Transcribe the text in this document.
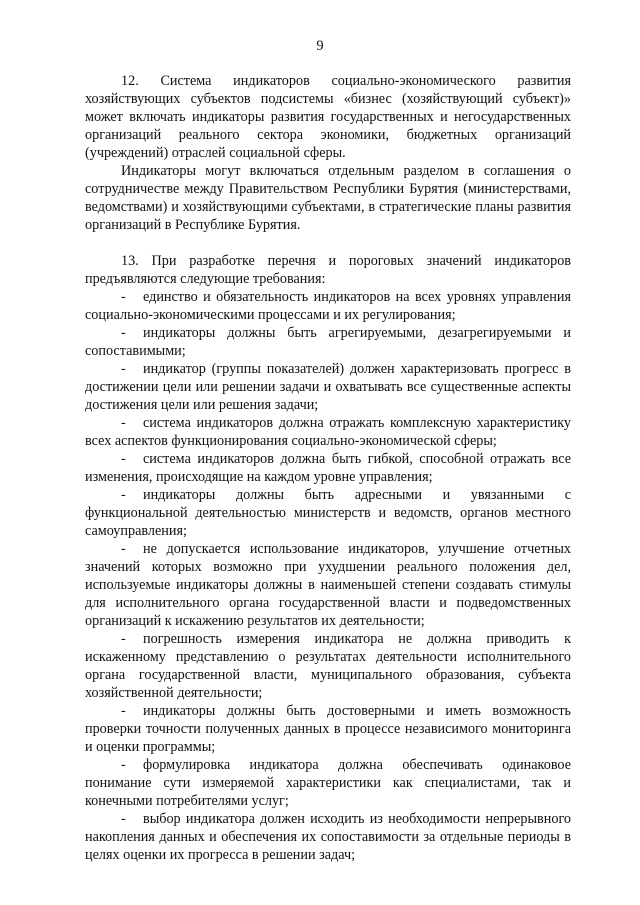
9

12. Система индикаторов социально-экономического развития хозяйствующих субъектов подсистемы «бизнес (хозяйствующий субъект)» может включать индикаторы развития государственных и негосударственных организаций реального сектора экономики, бюджетных организаций (учреждений) отраслей социальной сферы.

Индикаторы могут включаться отдельным разделом в соглашения о сотрудничестве между Правительством Республики Бурятия (министерствами, ведомствами) и хозяйствующими субъектами, в стратегические планы развития организаций в Республике Бурятия.

13. При разработке перечня и пороговых значений индикаторов предъявляются следующие требования:

- единство и обязательность индикаторов на всех уровнях управления социально-экономическими процессами и их регулирования;

- индикаторы должны быть агрегируемыми, дезагрегируемыми и сопоставимыми;

- индикатор (группы показателей) должен характеризовать прогресс в достижении цели или решении задачи и охватывать все существенные аспекты достижения цели или решения задачи;

- система индикаторов должна отражать комплексную характеристику всех аспектов функционирования социально-экономической сферы;

- система индикаторов должна быть гибкой, способной отражать все изменения, происходящие на каждом уровне управления;

- индикаторы должны быть адресными и увязанными с функциональной деятельностью министерств и ведомств, органов местного самоуправления;

- не допускается использование индикаторов, улучшение отчетных значений которых возможно при ухудшении реального положения дел, используемые индикаторы должны в наименьшей степени создавать стимулы для исполнительного органа государственной власти и подведомственных организаций к искажению результатов их деятельности;

- погрешность измерения индикатора не должна приводить к искаженному представлению о результатах деятельности исполнительного органа государственной власти, муниципального образования, субъекта хозяйственной деятельности;

- индикаторы должны быть достоверными и иметь возможность проверки точности полученных данных в процессе независимого мониторинга и оценки программы;

- формулировка индикатора должна обеспечивать одинаковое понимание сути измеряемой характеристики как специалистами, так и конечными потребителями услуг;

- выбор индикатора должен исходить из необходимости непрерывного накопления данных и обеспечения их сопоставимости за отдельные периоды в целях оценки их прогресса в решении задач;
